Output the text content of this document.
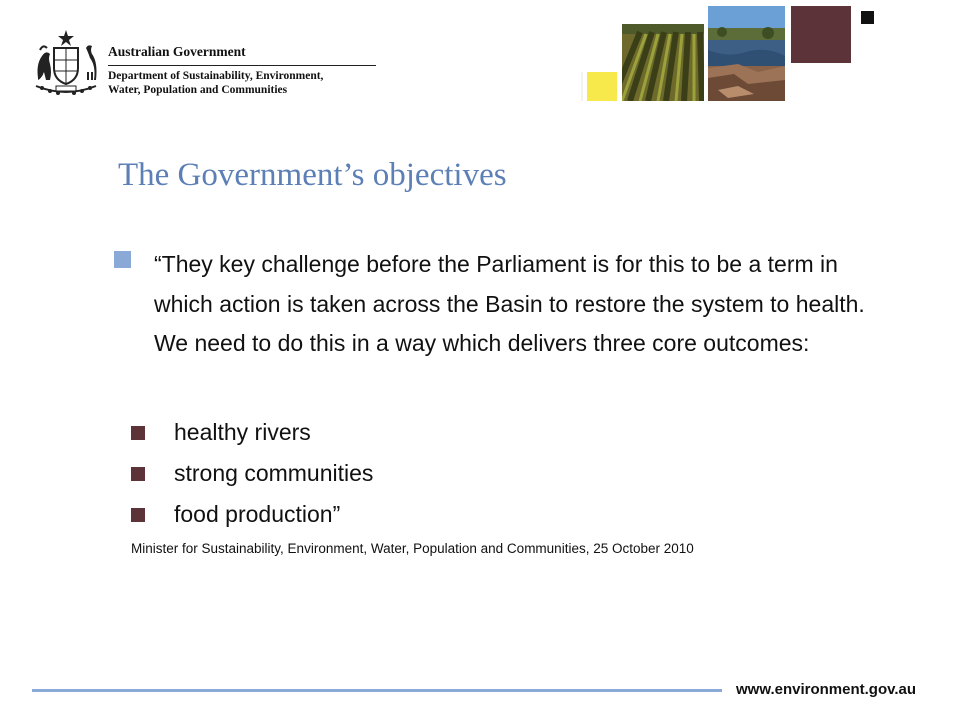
Australian Government
Department of Sustainability, Environment,
Water, Population and Communities
The Government’s objectives
“They key challenge before the Parliament is for this to be a term in which action is taken across the Basin to restore the system to health. We need to do this in a way which delivers three core outcomes:
healthy rivers
strong communities
food production”
Minister for Sustainability, Environment, Water, Population and Communities, 25 October 2010
www.environment.gov.au
